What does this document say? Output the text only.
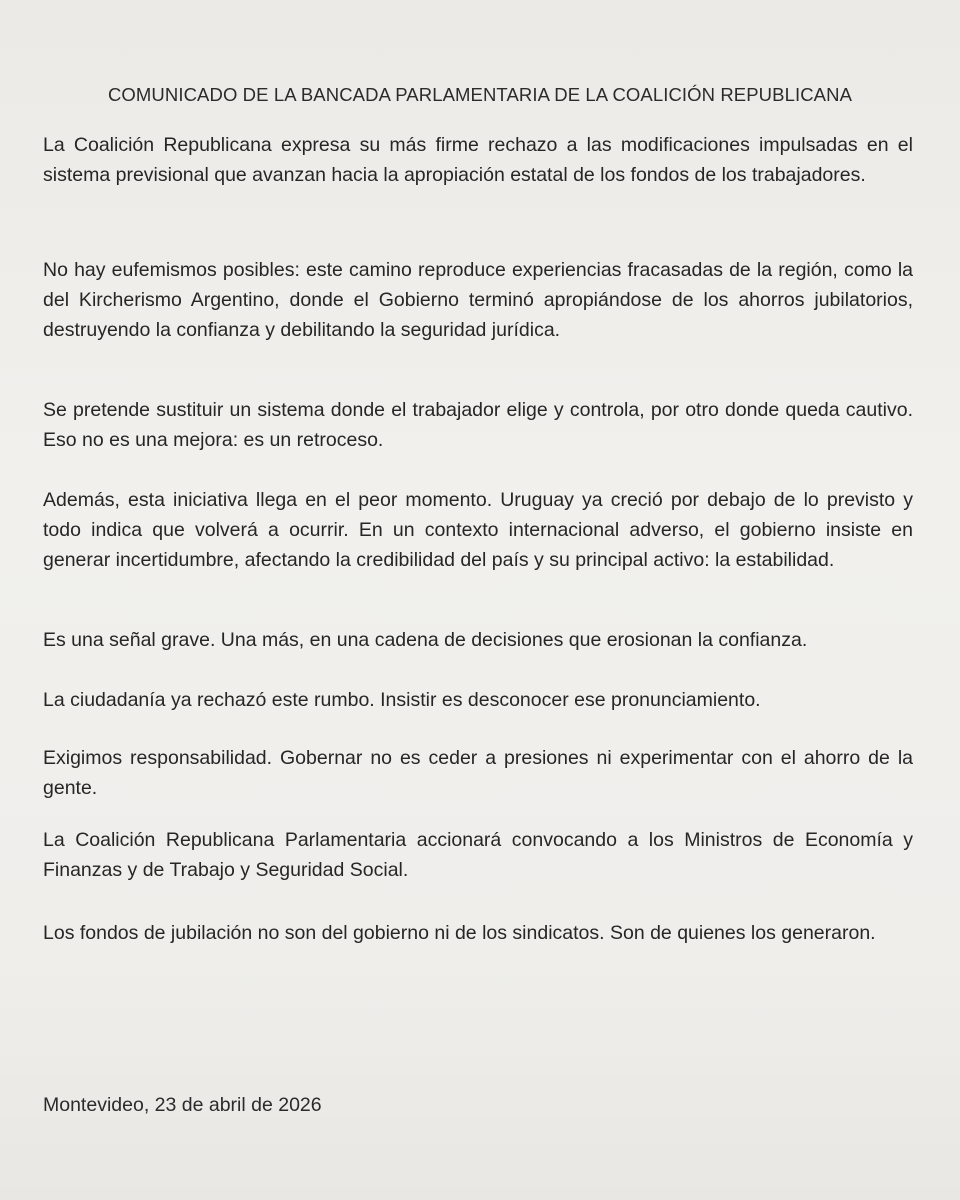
COMUNICADO DE LA BANCADA PARLAMENTARIA DE LA COALICIÓN REPUBLICANA

La Coalición Republicana expresa su más firme rechazo a las modificaciones impulsadas en el sistema previsional que avanzan hacia la apropiación estatal de los fondos de los trabajadores.

No hay eufemismos posibles: este camino reproduce experiencias fracasadas de la región, como la del Kircherismo Argentino, donde el Gobierno terminó apropiándose de los ahorros jubilatorios, destruyendo la confianza y debilitando la seguridad jurídica.

Se pretende sustituir un sistema donde el trabajador elige y controla, por otro donde queda cautivo. Eso no es una mejora: es un retroceso.

Además, esta iniciativa llega en el peor momento. Uruguay ya creció por debajo de lo previsto y todo indica que volverá a ocurrir. En un contexto internacional adverso, el gobierno insiste en generar incertidumbre, afectando la credibilidad del país y su principal activo: la estabilidad.

Es una señal grave. Una más, en una cadena de decisiones que erosionan la confianza.

La ciudadanía ya rechazó este rumbo. Insistir es desconocer ese pronunciamiento.

Exigimos responsabilidad. Gobernar no es ceder a presiones ni experimentar con el ahorro de la gente.

La Coalición Republicana Parlamentaria accionará convocando a los Ministros de Economía y Finanzas y de Trabajo y Seguridad Social.

Los fondos de jubilación no son del gobierno ni de los sindicatos. Son de quienes los generaron.

Montevideo, 23 de abril de 2026
